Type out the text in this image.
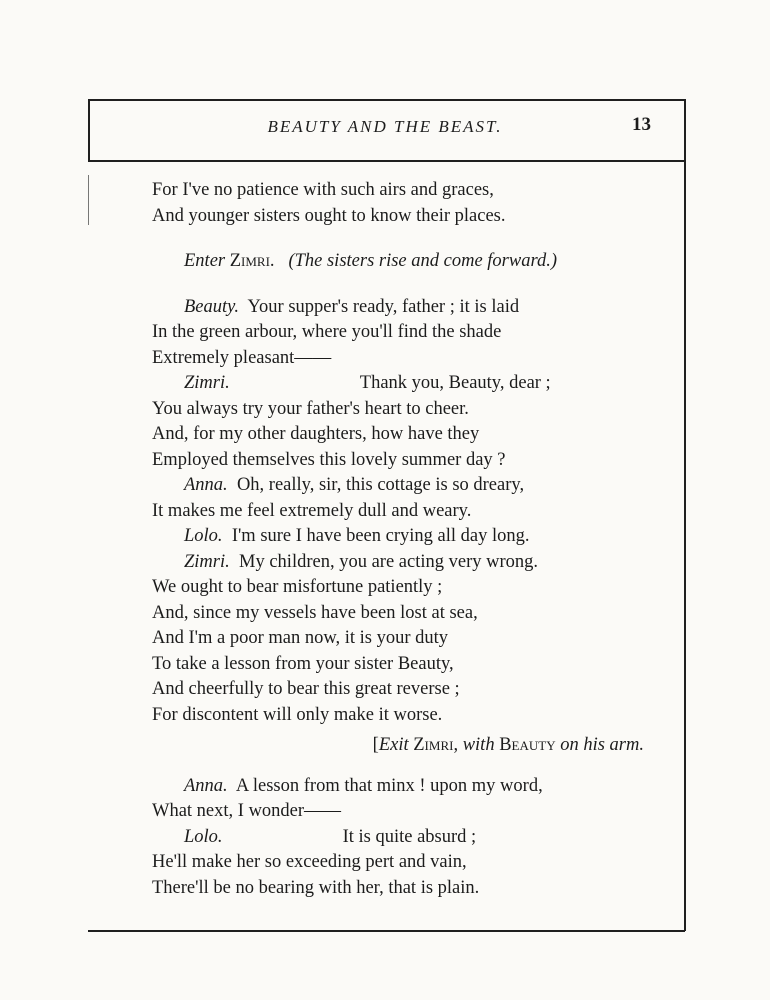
BEAUTY AND THE BEAST.	13
For I've no patience with such airs and graces,
And younger sisters ought to know their places.
Enter Zimri. (The sisters rise and come forward.)
Beauty. Your supper's ready, father ; it is laid
In the green arbour, where you'll find the shade
Extremely pleasant——
Zimri.	Thank you, Beauty, dear ;
You always try your father's heart to cheer.
And, for my other daughters, how have they
Employed themselves this lovely summer day ?
Anna. Oh, really, sir, this cottage is so dreary,
It makes me feel extremely dull and weary.
Lolo. I'm sure I have been crying all day long.
Zimri. My children, you are acting very wrong.
We ought to bear misfortune patiently ;
And, since my vessels have been lost at sea,
And I'm a poor man now, it is your duty
To take a lesson from your sister Beauty,
And cheerfully to bear this great reverse ;
For discontent will only make it worse.
[Exit Zimri, with Beauty on his arm.
Anna. A lesson from that minx ! upon my word,
What next, I wonder——
Lolo.	It is quite absurd ;
He'll make her so exceeding pert and vain,
There'll be no bearing with her, that is plain.
